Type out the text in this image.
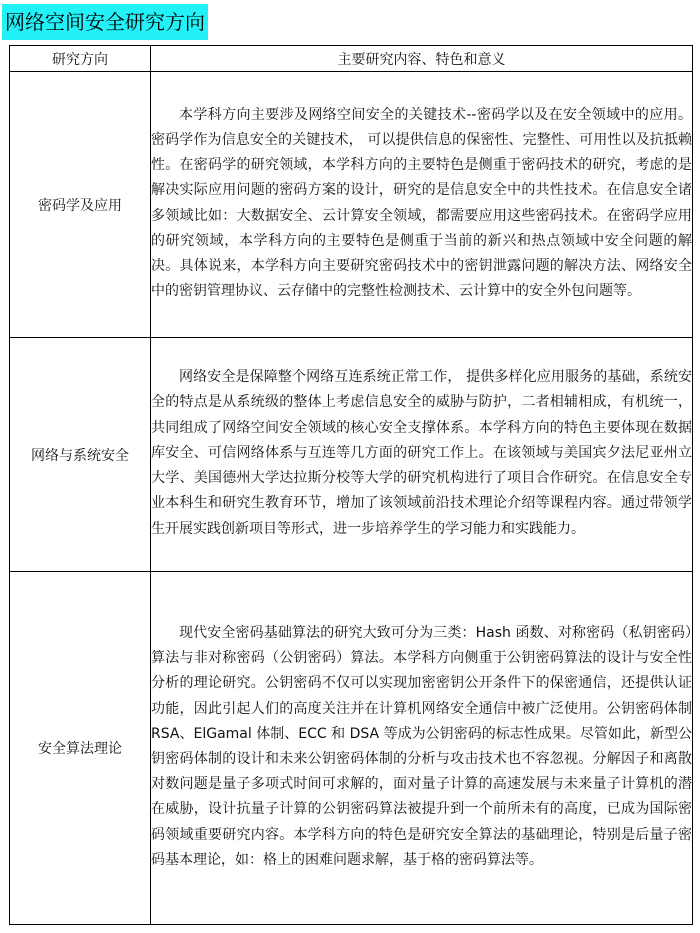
网络空间安全研究方向
研究方向	主要研究内容、特色和意义
密码学及应用	本学科方向主要涉及网络空间安全的关键技术--密码学以及在安全领域中的应用。密码学作为信息安全的关键技术， 可以提供信息的保密性、完整性、可用性以及抗抵赖性。在密码学的研究领域，本学科方向的主要特色是侧重于密码技术的研究，考虑的是解决实际应用问题的密码方案的设计，研究的是信息安全中的共性技术。在信息安全诸多领域比如：大数据安全、云计算安全领域，都需要应用这些密码技术。在密码学应用的研究领域，本学科方向的主要特色是侧重于当前的新兴和热点领域中安全问题的解决。具体说来，本学科方向主要研究密码技术中的密钥泄露问题的解决方法、网络安全中的密钥管理协议、云存储中的完整性检测技术、云计算中的安全外包问题等。

网络与系统安全	网络安全是保障整个网络互连系统正常工作， 提供多样化应用服务的基础，系统安全的特点是从系统级的整体上考虑信息安全的威胁与防护，二者相辅相成，有机统一，共同组成了网络空间安全领域的核心安全支撑体系。本学科方向的特色主要体现在数据库安全、可信网络体系与互连等几方面的研究工作上。在该领域与美国宾夕法尼亚州立大学、美国德州大学达拉斯分校等大学的研究机构进行了项目合作研究。在信息安全专业本科生和研究生教育环节，增加了该领域前沿技术理论介绍等课程内容。通过带领学生开展实践创新项目等形式，进一步培养学生的学习能力和实践能力。

安全算法理论	现代安全密码基础算法的研究大致可分为三类：Hash 函数、对称密码（私钥密码）算法与非对称密码（公钥密码）算法。本学科方向侧重于公钥密码算法的设计与安全性分析的理论研究。公钥密码不仅可以实现加密密钥公开条件下的保密通信，还提供认证功能，因此引起人们的高度关注并在计算机网络安全通信中被广泛使用。公钥密码体制 RSA、ElGamal 体制、ECC 和 DSA 等成为公钥密码的标志性成果。尽管如此，新型公钥密码体制的设计和未来公钥密码体制的分析与攻击技术也不容忽视。分解因子和离散对数问题是量子多项式时间可求解的，面对量子计算的高速发展与未来量子计算机的潜在威胁，设计抗量子计算的公钥密码算法被提升到一个前所未有的高度，已成为国际密码领域重要研究内容。本学科方向的特色是研究安全算法的基础理论，特别是后量子密码基本理论，如：格上的困难问题求解，基于格的密码算法等。
